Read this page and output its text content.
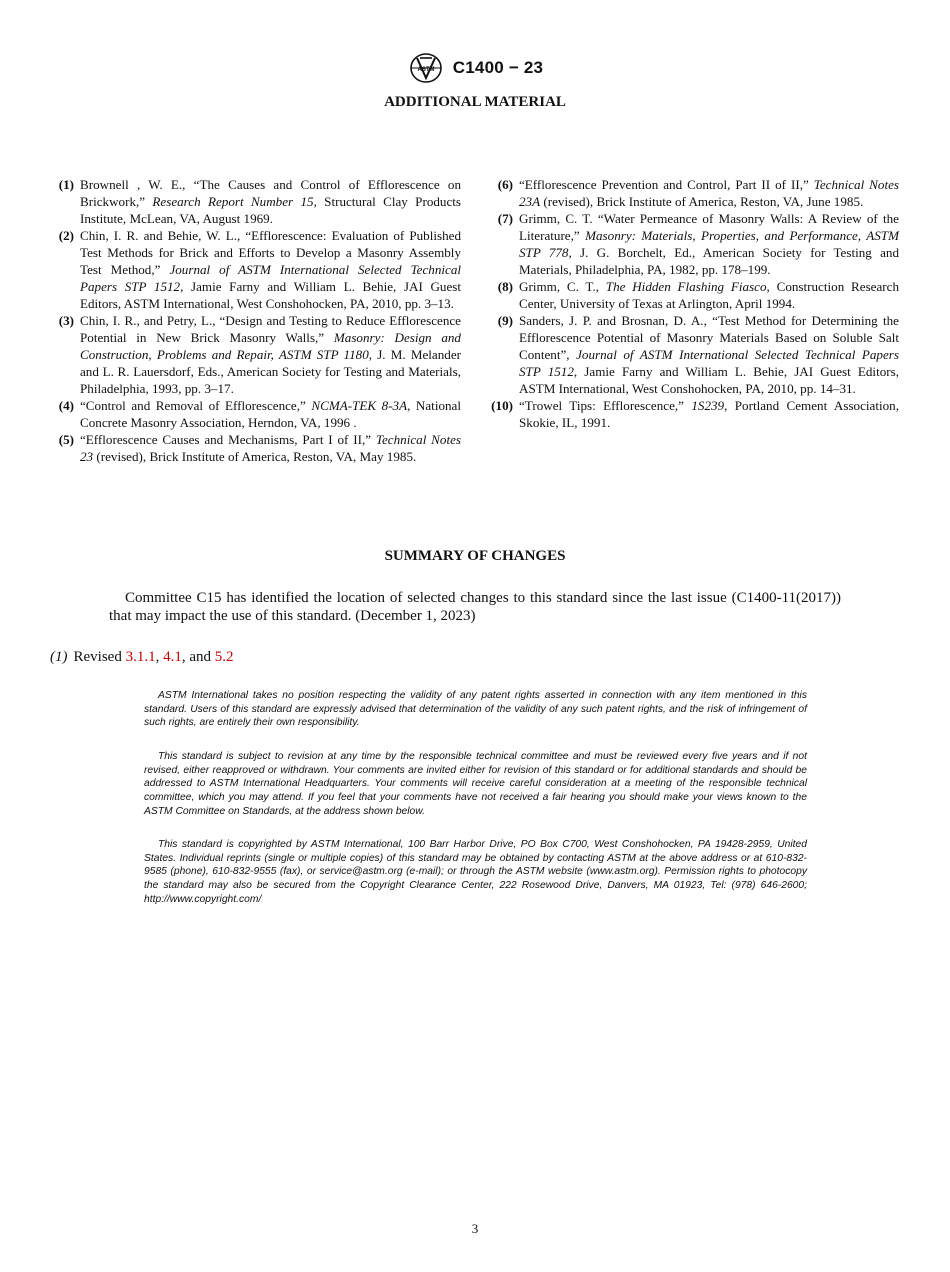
ASTM C1400 − 23
ADDITIONAL MATERIAL
(1) Brownell , W. E., “The Causes and Control of Efflorescence on Brickwork,” Research Report Number 15, Structural Clay Products Institute, McLean, VA, August 1969.
(2) Chin, I. R. and Behie, W. L., “Efflorescence: Evaluation of Published Test Methods for Brick and Efforts to Develop a Masonry Assembly Test Method,” Journal of ASTM International Selected Technical Papers STP 1512, Jamie Farny and William L. Behie, JAI Guest Editors, ASTM International, West Conshohocken, PA, 2010, pp. 3–13.
(3) Chin, I. R., and Petry, L., “Design and Testing to Reduce Efflorescence Potential in New Brick Masonry Walls,” Masonry: Design and Construction, Problems and Repair, ASTM STP 1180, J. M. Melander and L. R. Lauersdorf, Eds., American Society for Testing and Materials, Philadelphia, 1993, pp. 3–17.
(4) “Control and Removal of Efflorescence,” NCMA-TEK 8-3A, National Concrete Masonry Association, Herndon, VA, 1996 .
(5) “Efflorescence Causes and Mechanisms, Part I of II,” Technical Notes 23 (revised), Brick Institute of America, Reston, VA, May 1985.
(6) “Efflorescence Prevention and Control, Part II of II,” Technical Notes 23A (revised), Brick Institute of America, Reston, VA, June 1985.
(7) Grimm, C. T. “Water Permeance of Masonry Walls: A Review of the Literature,” Masonry: Materials, Properties, and Performance, ASTM STP 778, J. G. Borchelt, Ed., American Society for Testing and Materials, Philadelphia, PA, 1982, pp. 178–199.
(8) Grimm, C. T., The Hidden Flashing Fiasco, Construction Research Center, University of Texas at Arlington, April 1994.
(9) Sanders, J. P. and Brosnan, D. A., “Test Method for Determining the Efflorescence Potential of Masonry Materials Based on Soluble Salt Content”, Journal of ASTM International Selected Technical Papers STP 1512, Jamie Farny and William L. Behie, JAI Guest Editors, ASTM International, West Conshohocken, PA, 2010, pp. 14–31.
(10) “Trowel Tips: Efflorescence,” 1S239, Portland Cement Association, Skokie, IL, 1991.
SUMMARY OF CHANGES
Committee C15 has identified the location of selected changes to this standard since the last issue (C1400-11(2017)) that may impact the use of this standard. (December 1, 2023)
(1) Revised 3.1.1, 4.1, and 5.2
ASTM International takes no position respecting the validity of any patent rights asserted in connection with any item mentioned in this standard. Users of this standard are expressly advised that determination of the validity of any such patent rights, and the risk of infringement of such rights, are entirely their own responsibility.
This standard is subject to revision at any time by the responsible technical committee and must be reviewed every five years and if not revised, either reapproved or withdrawn. Your comments are invited either for revision of this standard or for additional standards and should be addressed to ASTM International Headquarters. Your comments will receive careful consideration at a meeting of the responsible technical committee, which you may attend. If you feel that your comments have not received a fair hearing you should make your views known to the ASTM Committee on Standards, at the address shown below.
This standard is copyrighted by ASTM International, 100 Barr Harbor Drive, PO Box C700, West Conshohocken, PA 19428-2959, United States. Individual reprints (single or multiple copies) of this standard may be obtained by contacting ASTM at the above address or at 610-832-9585 (phone), 610-832-9555 (fax), or service@astm.org (e-mail); or through the ASTM website (www.astm.org). Permission rights to photocopy the standard may also be secured from the Copyright Clearance Center, 222 Rosewood Drive, Danvers, MA 01923, Tel: (978) 646-2600; http://www.copyright.com/
3
